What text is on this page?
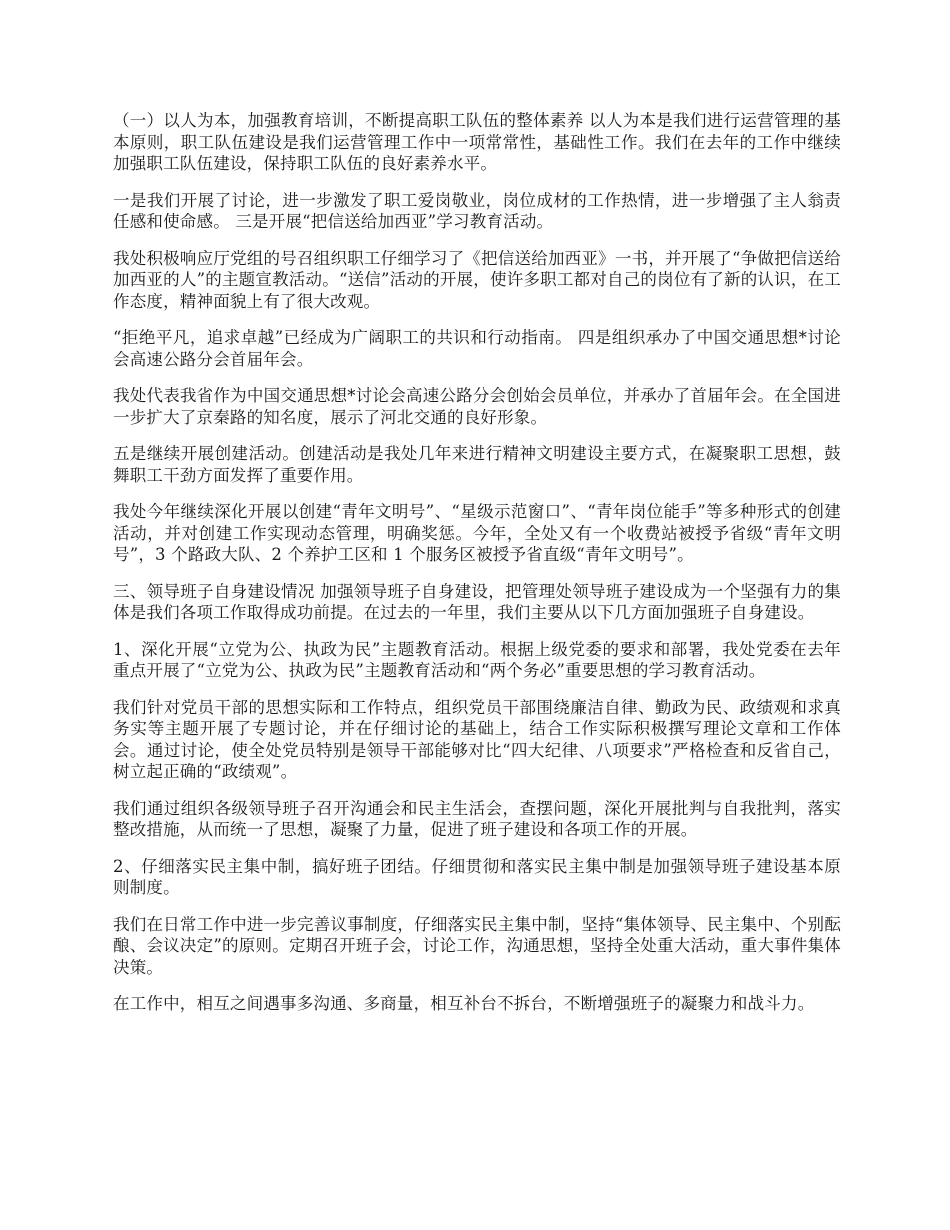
（一）以人为本，加强教育培训，不断提高职工队伍的整体素养 以人为本是我们进行运营管理的基本原则，职工队伍建设是我们运营管理工作中一项常常性，基础性工作。我们在去年的工作中继续加强职工队伍建设，保持职工队伍的良好素养水平。

一是我们开展了讨论，进一步激发了职工爱岗敬业，岗位成材的工作热情，进一步增强了主人翁责任感和使命感。 三是开展“把信送给加西亚”学习教育活动。

我处积极响应厅党组的号召组织职工仔细学习了《把信送给加西亚》一书，并开展了“争做把信送给加西亚的人”的主题宣教活动。“送信”活动的开展，使许多职工都对自己的岗位有了新的认识，在工作态度，精神面貌上有了很大改观。

“拒绝平凡，追求卓越”已经成为广阔职工的共识和行动指南。 四是组织承办了中国交通思想*讨论会高速公路分会首届年会。

我处代表我省作为中国交通思想*讨论会高速公路分会创始会员单位，并承办了首届年会。在全国进一步扩大了京秦路的知名度，展示了河北交通的良好形象。

五是继续开展创建活动。创建活动是我处几年来进行精神文明建设主要方式，在凝聚职工思想，鼓舞职工干劲方面发挥了重要作用。

我处今年继续深化开展以创建“青年文明号”、“星级示范窗口”、“青年岗位能手”等多种形式的创建活动，并对创建工作实现动态管理，明确奖惩。今年，全处又有一个收费站被授予省级“青年文明号”，3 个路政大队、2 个养护工区和 1 个服务区被授予省直级“青年文明号”。

三、领导班子自身建设情况 加强领导班子自身建设，把管理处领导班子建设成为一个坚强有力的集体是我们各项工作取得成功前提。在过去的一年里，我们主要从以下几方面加强班子自身建设。

1、深化开展“立党为公、执政为民”主题教育活动。根据上级党委的要求和部署，我处党委在去年重点开展了“立党为公、执政为民”主题教育活动和“两个务必”重要思想的学习教育活动。

我们针对党员干部的思想实际和工作特点，组织党员干部围绕廉洁自律、勤政为民、政绩观和求真务实等主题开展了专题讨论，并在仔细讨论的基础上，结合工作实际积极撰写理论文章和工作体会。通过讨论，使全处党员特别是领导干部能够对比“四大纪律、八项要求”严格检查和反省自己，树立起正确的“政绩观”。

我们通过组织各级领导班子召开沟通会和民主生活会，查摆问题，深化开展批判与自我批判，落实整改措施，从而统一了思想，凝聚了力量，促进了班子建设和各项工作的开展。

2、仔细落实民主集中制，搞好班子团结。仔细贯彻和落实民主集中制是加强领导班子建设基本原则制度。

我们在日常工作中进一步完善议事制度，仔细落实民主集中制，坚持“集体领导、民主集中、个别酝酿、会议决定”的原则。定期召开班子会，讨论工作，沟通思想，坚持全处重大活动，重大事件集体决策。

在工作中，相互之间遇事多沟通、多商量，相互补台不拆台，不断增强班子的凝聚力和战斗力。
